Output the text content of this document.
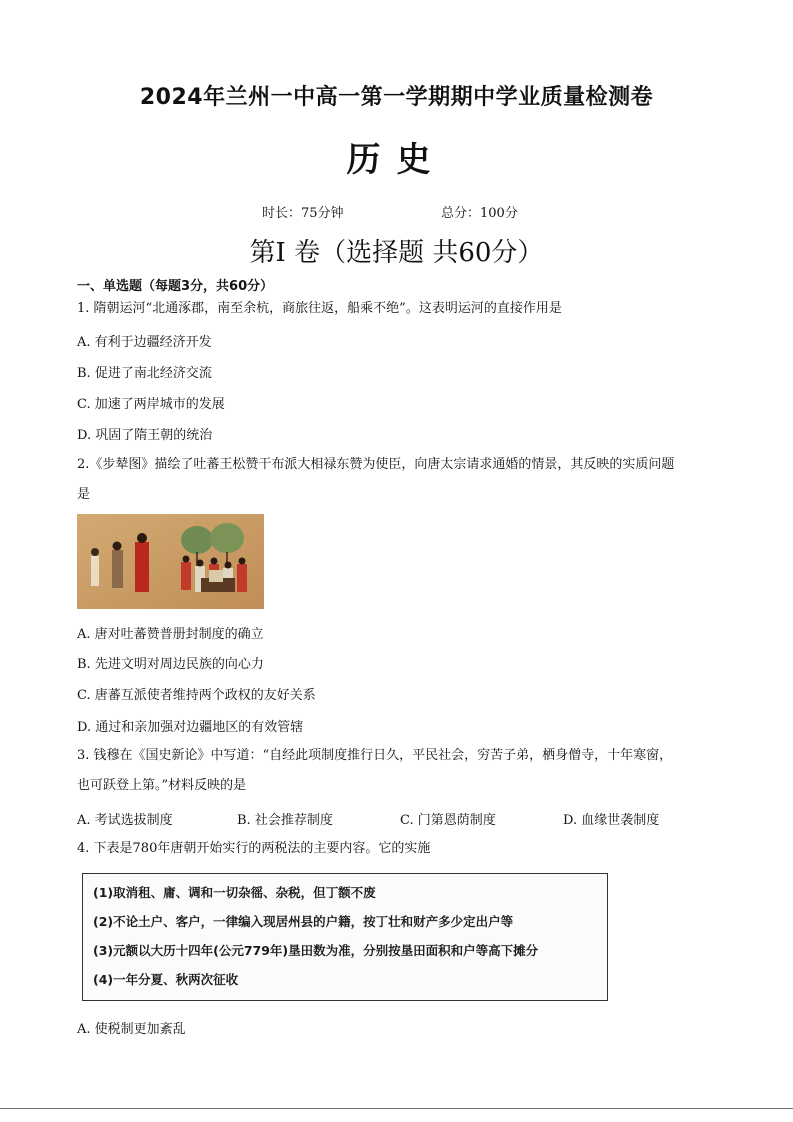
2024年兰州一中高一第一学期期中学业质量检测卷
历史
时长：75分钟	总分：100分
第Ⅰ 卷（选择题 共60分）
一、单选题（每题3分，共60分）
1. 隋朝运河“北通涿郡，南至余杭，商旅往返，船乘不绝”。这表明运河的直接作用是
A. 有利于边疆经济开发
B. 促进了南北经济交流
C. 加速了两岸城市的发展
D. 巩固了隋王朝的统治
2.《步辇图》描绘了吐蕃王松赞干布派大相禄东赞为使臣，向唐太宗请求通婚的情景，其反映的实质问题
是
A. 唐对吐蕃赞普册封制度的确立
B. 先进文明对周边民族的向心力
C. 唐蕃互派使者维持两个政权的友好关系
D. 通过和亲加强对边疆地区的有效管辖
3. 钱穆在《国史新论》中写道：“自经此项制度推行日久，平民社会，穷苦子弟，栖身僧寺，十年寒窗，
也可跃登上第。”材料反映的是
A. 考试选拔制度	B. 社会推荐制度	C. 门第恩荫制度	D. 血缘世袭制度
4. 下表是780年唐朝开始实行的两税法的主要内容。它的实施
(1)取消租、庸、调和一切杂徭、杂税，但丁额不废
(2)不论土户、客户，一律编入现居州县的户籍，按丁壮和财产多少定出户等
(3)元额以大历十四年(公元779年)垦田数为准，分别按垦田面积和户等高下摊分
(4)一年分夏、秋两次征收
A. 使税制更加紊乱
